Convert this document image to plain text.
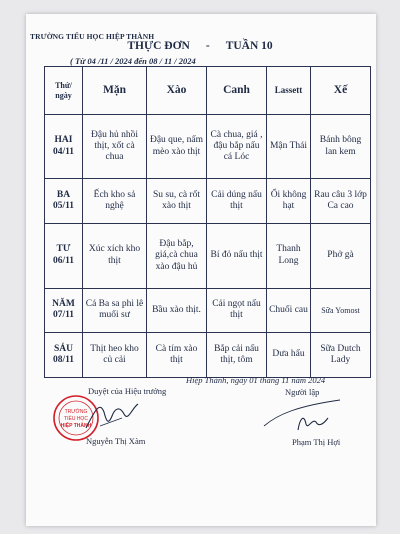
TRƯỜNG TIỂU HỌC HIỆP THÀNH
THỰC ĐƠN - TUẦN 10
( Từ 04 /11 / 2024 đến 08 / 11 / 2024
Thứ/ ngày	Mặn	Xào	Canh	Lassett	Xế
HAI 04/11	Đậu hủ nhồi thịt, xốt cà chua	Đậu que, nấm mèo xào thịt	Cà chua, giá , đậu bắp nấu cá Lóc	Mận Thái	Bánh bông lan kem
BA 05/11	Ếch kho sả nghệ	Su su, cà rốt xào thịt	Cải dúng nấu thịt	Ổi không hạt	Rau câu 3 lớp Ca cao
TƯ 06/11	Xúc xích kho thịt	Đậu bắp, giá,cà chua xào đậu hủ	Bí đỏ nấu thịt	Thanh Long	Phở gà
NĂM 07/11	Cá Ba sa phi lê muối sư	Bầu xào thịt.	Cải ngọt nấu thịt	Chuối cau	Sữa Yomost
SÁU 08/11	Thịt heo kho củ cải	Cà tím xào thịt	Bắp cải nấu thịt, tôm	Dưa hấu	Sữa Dutch Lady
Hiệp Thành, ngày 01 tháng 11 năm 2024
Duyệt của Hiệu trưởng	Người lập
TRƯỜNG
TIỂU HỌC
HIỆP THÀNH
Nguyễn Thị Xàm	Phạm Thị Hợi
